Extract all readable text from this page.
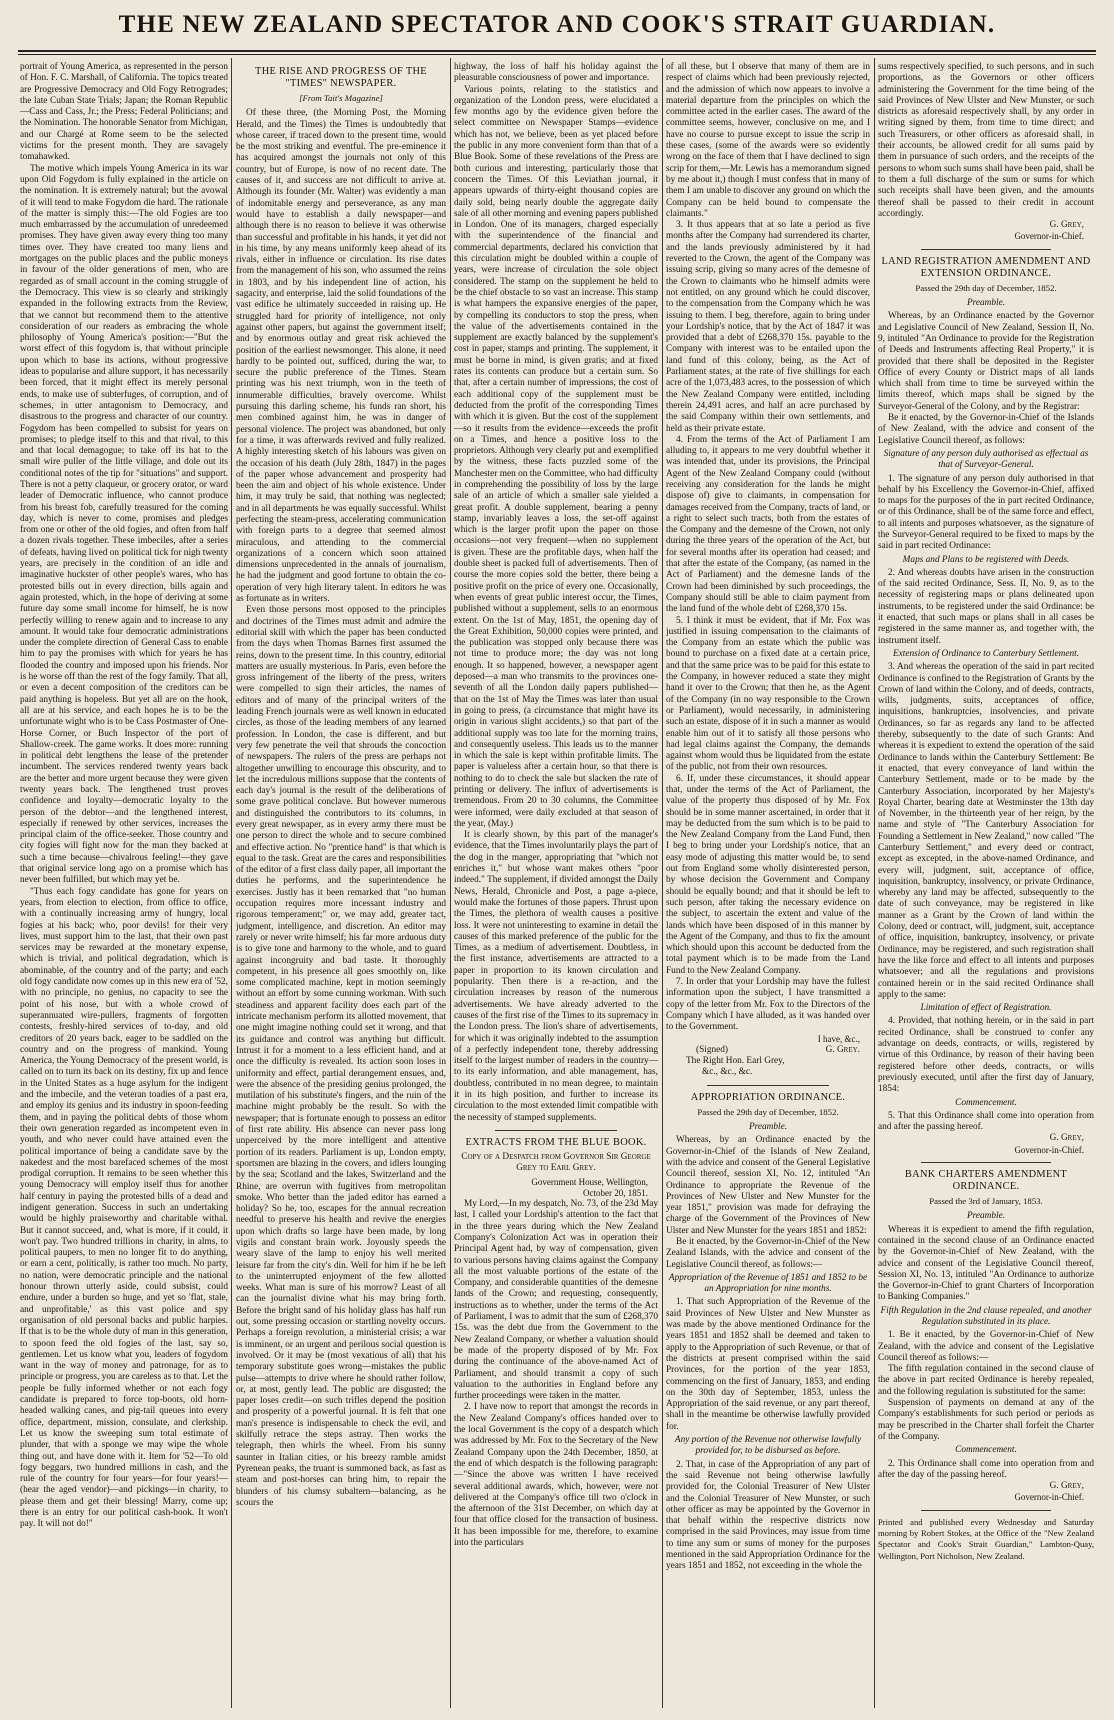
THE NEW ZEALAND SPECTATOR AND COOK'S STRAIT GUARDIAN.

portrait of Young America, as represented in the person of Hon. F. C. Marshall, of California. The topics treated are Progressive Democracy and Old Fogy Retrogrades; the late Cuban State Trials; Japan; the Roman Republic—Cass and Cass, Jr.; the Press; Federal Politicians; and the Nomination. The honorable Senator from Michigan, and our Chargé at Rome seem to be the selected victims for the present month. They are savagely tomahawked.

The motive which impels Young America in its war upon Old Fogydom is fully explained in the article on the nomination. It is extremely natural; but the avowal of it will tend to make Fogydom die hard. The rationale of the matter is simply this:—The old Fogies are too much embarrassed by the accumulation of unredeemed promises. They have given away every thing too many times over. They have created too many liens and mortgages on the public places and the public moneys in favour of the older generations of men, who are regarded as of small account in the coming struggle of the Democracy. This view is so clearly and strikingly expanded in the following extracts from the Review, that we cannot but recommend them to the attentive consideration of our readers as embracing the whole philosophy of Young America's position:—"But the worst effect of this fogydom is, that without principle upon which to base its actions, without progressive ideas to popularise and allure support, it has necessarily been forced, that it might effect its merely personal ends, to make use of subterfuges, of corruption, and of schemes, in utter antagonism to Democracy, and disastrous to the progress and character of our country. Fogydom has been compelled to subsist for years on promises; to pledge itself to this and that rival, to this and that local demagogue; to take off its hat to the small wire puller of the little village, and dole out its conditional notes of the tip for "situations" and support. There is not a petty claqueur, or grocery orator, or ward leader of Democratic influence, who cannot produce from his breast fob, carefully treasured for the coming day, which is never to come, promises and pledges from one or other of the old fogies, and often from half a dozen rivals together. These imbeciles, after a series of defeats, having lived on political tick for nigh twenty years, are precisely in the condition of an idle and imaginative huckster of other people's wares, who has protested bills out in every direction, bills again and again protested, which, in the hope of deriving at some future day some small income for himself, he is now perfectly willing to renew again and to increase to any amount. It would take four democratic administrations under the complete direction of General Cass to enable him to pay the promises with which for years he has flooded the country and imposed upon his friends. Nor is he worse off than the rest of the fogy family. That all, or even a decent composition of the creditors can be paid anything is hopeless. But yet all are on the hook, all are at his service, and each hopes he is to be the unfortunate wight who is to be Cass Postmaster of One-Horse Corner, or Buch Inspector of the port of Shallow-creek. The game works. It does more: running in political debt lengthens the lease of the pretender incumbent. The services rendered twenty years back are the better and more urgent because they were given twenty years back. The lengthened trust proves confidence and loyalty—democratic loyalty to the person of the debtor—and the lengthened interest, especially if renewed by other services, increases the principal claim of the office-seeker. Those country and city fogies will fight now for the man they backed at such a time because—chivalrous feeling!—they gave that original service long ago on a promise which has never been fulfilled, but which may yet be.

"Thus each fogy candidate has gone for years on years, from election to election, from office to office, with a continually increasing army of hungry, local fogies at his back; who, poor devils! for their very lives, must support him to the last, that their own past services may be rewarded at the monetary expense, which is trivial, and political degradation, which is abominable, of the country and of the party; and each old fogy candidate now comes up in this new era of '52, with no principle, no genius, no capacity to see the point of his nose, but with a whole crowd of superannuated wire-pullers, fragments of forgotten contests, freshly-hired services of to-day, and old creditors of 20 years back, eager to be saddled on the country and on the progress of mankind. Young America, the Young Democracy of the present world, is called on to turn its back on its destiny, fix up and fence in the United States as a huge asylum for the indigent and the imbecile, and the veteran toadies of a past era, and employ its genius and its industry in spoon-feeding them, and in paying the political debts of those whom their own generation regarded as incompetent even in youth, and who never could have attained even the political importance of being a candidate save by the nakedest and the most barefaced schemes of the most prodigal corruption. It remains to be seen whether this young Democracy will employ itself thus for another half century in paying the protested bills of a dead and indigent generation. Success in such an undertaking would be highly praiseworthy and charitable withal. But it cannot succeed, and, what is more, if it could, it won't pay. Two hundred trillions in charity, in alms, to political paupers, to men no longer fit to do anything, or earn a cent, politically, is rather too much. No party, no nation, were democratic principle and the national honour thrown utterly aside, could subsist, could endure, under a burden so huge, and yet so 'flat, stale, and unprofitable,' as this vast police and spy organisation of old personal backs and public harpies. If that is to be the whole duty of man in this generation, to spoon feed the old fogies of the last, say so, gentlemen. Let us know what you, leaders of fogydom want in the way of money and patronage, for as to principle or progress, you are careless as to that. Let the people be fully informed whether or not each fogy candidate is prepared to force top-boots, old horn-headed walking canes, and pig-tail queues into every office, department, mission, consulate, and clerkship. Let us know the sweeping sum total estimate of plunder, that with a sponge we may wipe the whole thing out, and have done with it. Item for '52—To old fogy beggars, two hundred millions in cash, and the rule of the country for four years—for four years!—(hear the aged vendor)—and pickings—in charity, to please them and get their blessing! Marry, come up; there is an entry for our political cash-book. It won't pay. It will not do!"

THE RISE AND PROGRESS OF THE "TIMES" NEWSPAPER.
[From Tait's Magazine]

Of these three, (the Morning Post, the Morning Herald, and the Times) the Times is undoubtedly that whose career, if traced down to the present time, would be the most striking and eventful. The pre-eminence it has acquired amongst the journals not only of this country, but of Europe, is now of no recent date. The causes of it, and success are not difficult to arrive at. Although its founder (Mr. Walter) was evidently a man of indomitable energy and perseverance, as any man would have to establish a daily newspaper—and although there is no reason to believe it was otherwise than successful and profitable in his hands, it yet did not in his time, by any means uniformly keep ahead of its rivals, either in influence or circulation. Its rise dates from the management of his son, who assumed the reins in 1803, and by his independent line of action, his sagacity, and enterprise, laid the solid foundations of the vast edifice he ultimately succeeded in raising up. He struggled hard for priority of intelligence, not only against other papers, but against the government itself; and by enormous outlay and great risk achieved the position of the earliest newsmonger. This alone, it need hardly to be pointed out, sufficed, during the war, to secure the public preference of the Times. Steam printing was his next triumph, won in the teeth of innumerable difficulties, bravely overcome. Whilst pursuing this darling scheme, his funds ran short, his men combined against him, he was in danger of personal violence. The project was abandoned, but only for a time, it was afterwards revived and fully realized. A highly interesting sketch of his labours was given on the occasion of his death (July 28th, 1847) in the pages of the paper whose advancement and prosperity had been the aim and object of his whole existence. Under him, it may truly be said, that nothing was neglected; and in all departments he was equally successful. Whilst perfecting the steam-press, accelerating communication with foreign parts to a degree that seemed almost miraculous, and attending to the commercial organizations of a concern which soon attained dimensions unprecedented in the annals of journalism, he had the judgment and good fortune to obtain the co-operation of very high literary talent. In editors he was as fortunate as in writers.

Even those persons most opposed to the principles and doctrines of the Times must admit and admire the editorial skill with which the paper has been conducted from the days when Thomas Barnes first assumed the reins, down to the present time. In this country, editorial matters are usually mysterious. In Paris, even before the gross infringement of the liberty of the press, writers were compelled to sign their articles, the names of editors and of many of the principal writers of the leading French journals were as well known in educated circles, as those of the leading members of any learned profession. In London, the case is different, and but very few penetrate the veil that shrouds the concoction of newspapers. The rulers of the press are perhaps not altogether unwilling to encourage this obscurity, and to let the incredulous millions suppose that the contents of each day's journal is the result of the deliberations of some grave political conclave. But however numerous and distinguished the contributors to its columns, in every great newspaper, as in every army there must be one person to direct the whole and to secure combined and effective action. No "prentice hand" is that which is equal to the task. Great are the cares and responsibilities of the editor of a first class daily paper, all important the duties he performs, and the superintendence he exercises. Justly has it been remarked that "no human occupation requires more incessant industry and rigorous temperament;" or, we may add, greater tact, judgment, intelligence, and discretion. An editor may rarely or never write himself; his far more arduous duty is to give tone and harmony to the whole, and to guard against incongruity and bad taste. It thoroughly competent, in his presence all goes smoothly on, like some complicated machine, kept in motion seemingly without an effort by some cunning workman. With such steadiness and apparent facility does each part of the intricate mechanism perform its allotted movement, that one might imagine nothing could set it wrong, and that its guidance and control was anything but difficult. Intrust it for a moment to a less efficient hand, and at once the difficulty is revealed. Its action soon loses in uniformity and effect, partial derangement ensues, and, were the absence of the presiding genius prolonged, the mutilation of his substitute's fingers, and the ruin of the machine might probably be the result. So with the newspaper; that is fortunate enough to possess an editor of first rate ability. His absence can never pass long unperceived by the more intelligent and attentive portion of its readers. Parliament is up, London empty, sportsmen are blazing in the covers, and idlers lounging by the sea; Scotland and the lakes, Switzerland and the Rhine, are overrun with fugitives from metropolitan smoke. Who better than the jaded editor has earned a holiday? So he, too, escapes for the annual recreation needful to preserve his health and revive the energies upon which drafts so large have been made, by long vigils and constant brain work. Joyously speeds the weary slave of the lamp to enjoy his well merited leisure far from the city's din. Well for him if he be left to the uninterrupted enjoyment of the few allotted weeks. What man is sure of his morrow? Least of all can the journalist divine what his may bring forth. Before the bright sand of his holiday glass has half run out, some pressing occasion or startling novelty occurs. Perhaps a foreign revolution, a ministerial crisis; a war is imminent, or an urgent and perilous social question is involved. Or it may be (most vexatious of all) that his temporary substitute goes wrong—mistakes the public pulse—attempts to drive where he should rather follow, or, at most, gently lead. The public are disgusted; the paper loses credit—on such trifles depend the position and prosperity of a powerful journal. It is felt that one man's presence is indispensable to check the evil, and skilfully retrace the steps astray. Then works the telegraph, then whirls the wheel. From his sunny saunter in Italian cities, or his breezy ramble amidst Pyrenean peaks, the truant is summoned back, as fast as steam and post-horses can bring him, to repair the blunders of his clumsy subaltern—balancing, as he scours the

highway, the loss of half his holiday against the pleasurable consciousness of power and importance.

Various points, relating to the statistics and organization of the London press, were elucidated a few months ago by the evidence given before the select committee on Newspaper Stamps—evidence which has not, we believe, been as yet placed before the public in any more convenient form than that of a Blue Book. Some of these revelations of the Press are both curious and interesting, particularly those that concern the Times. Of this Leviathan journal, it appears upwards of thirty-eight thousand copies are daily sold, being nearly double the aggregate daily sale of all other morning and evening papers published in London. One of its managers, charged especially with the superintendence of the financial and commercial departments, declared his conviction that this circulation might be doubled within a couple of years, were increase of circulation the sole object considered. The stamp on the supplement he held to be the chief obstacle to so vast an increase. This stamp is what hampers the expansive energies of the paper, by compelling its conductors to stop the press, when the value of the advertisements contained in the supplement are exactly balanced by the supplement's cost in paper, stamps and printing. The supplement, it must be borne in mind, is given gratis; and at fixed rates its contents can produce but a certain sum. So that, after a certain number of impressions, the cost of each additional copy of the supplement must be deducted from the profit of the corresponding Times with which it is given. But the cost of the supplement—so it results from the evidence—exceeds the profit on a Times, and hence a positive loss to the proprietors. Although very clearly put and exemplified by the witness, these facts puzzled some of the Manchester men on the Committee, who had difficulty in comprehending the possibility of loss by the large sale of an article of which a smaller sale yielded a great profit. A double supplement, bearing a penny stamp, invariably leaves a loss, the set-off against which is the larger profit upon the paper on those occasions—not very frequent—when no supplement is given. These are the profitable days, when half the double sheet is packed full of advertisements. Then of course the more copies sold the better, there being a positive profit on the price of every one. Occasionally, when events of great public interest occur, the Times, published without a supplement, sells to an enormous extent. On the 1st of May, 1851, the opening day of the Great Exhibition, 50,000 copies were printed, and the publication was stopped only because there was not time to produce more; the day was not long enough. It so happened, however, a newspaper agent deposed—a man who transmits to the provinces one-seventh of all the London daily papers published—that on the 1st of May the Times was later than usual in going to press, (a circumstance that might have its origin in various slight accidents,) so that part of the additional supply was too late for the morning trains, and consequently useless. This leads us to the manner in which the sale is kept within profitable limits. The paper is valueless after a certain hour, so that there is nothing to do to check the sale but slacken the rate of printing or delivery. The influx of advertisements is tremendous. From 20 to 30 columns, the Committee were informed, were daily excluded at that season of the year, (May.)

It is clearly shown, by this part of the manager's evidence, that the Times involuntarily plays the part of the dog in the manger, appropriating that "which not enriches it," but whose want makes others "poor indeed." The supplement, if divided amongst the Daily News, Herald, Chronicle and Post, a page a-piece, would make the fortunes of those papers. Thrust upon the Times, the plethora of wealth causes a positive loss. It were not uninteresting to examine in detail the causes of this marked preference of the public for the Times, as a medium of advertisement. Doubtless, in the first instance, advertisements are attracted to a paper in proportion to its known circulation and popularity. Then there is a re-action, and the circulation increases by reason of the numerous advertisements. We have already adverted to the causes of the first rise of the Times to its supremacy in the London press. The lion's share of advertisements, for which it was originally indebted to the assumption of a perfectly independent tone, thereby addressing itself to the largest number of readers in the country—to its early information, and able management, has, doubtless, contributed in no mean degree, to maintain it in its high position, and further to increase its circulation to the most extended limit compatible with the necessity of stamped supplements.

EXTRACTS FROM THE BLUE BOOK.
Copy of a Despatch from Governor Sir George Grey to Earl Grey.
Government House, Wellington,
October 20, 1851.

My Lord,—In my despatch, No. 73, of the 23d May last, I called your Lordship's attention to the fact that in the three years during which the New Zealand Company's Colonization Act was in operation their Principal Agent had, by way of compensation, given to various persons having claims against the Company all the most valuable portions of the estate of the Company, and considerable quantities of the demesne lands of the Crown; and requesting, consequently, instructions as to whether, under the terms of the Act of Parliament, I was to admit that the sum of £268,370 15s. was the debt due from the Government to the New Zealand Company, or whether a valuation should be made of the property disposed of by Mr. Fox during the continuance of the above-named Act of Parliament, and should transmit a copy of such valuation to the authorities in England before any further proceedings were taken in the matter.

2. I have now to report that amongst the records in the New Zealand Company's offices handed over to the local Government is the copy of a despatch which was addressed by Mr. Fox to the Secretary of the New Zealand Company upon the 24th December, 1850, at the end of which despatch is the following paragraph:—"Since the above was written I have received several additional awards, which, however, were not delivered at the Company's office till two o'clock in the afternoon of the 31st December, on which day at four that office closed for the transaction of business. It has been impossible for me, therefore, to examine into the particulars

of all these, but I observe that many of them are in respect of claims which had been previously rejected, and the admission of which now appears to involve a material departure from the principles on which the committee acted in the earlier cases. The award of the committee seems, however, conclusive on me, and I have no course to pursue except to issue the scrip in these cases, (some of the awards were so evidently wrong on the face of them that I have declined to sign scrip for them,—Mr. Lewis has a memorandum signed by me about it,) though I must confess that in many of them I am unable to discover any ground on which the Company can be held bound to compensate the claimants."

3. It thus appears that at so late a period as five months after the Company had surrendered its charter, and the lands previously administered by it had reverted to the Crown, the agent of the Company was issuing scrip, giving so many acres of the demesne of the Crown to claimants who he himself admits were not entitled, on any ground which he could discover, to the compensation from the Company which he was issuing to them. I beg, therefore, again to bring under your Lordship's notice, that by the Act of 1847 it was provided that a debt of £268,370 15s. payable to the Company with interest was to be entailed upon the land fund of this colony, being, as the Act of Parliament states, at the rate of five shillings for each acre of the 1,073,483 acres, to the possession of which the New Zealand Company were entitled, including therein 24,491 acres, and half an acre purchased by the said Company within their own settlements, and held as their private estate.

4. From the terms of the Act of Parliament I am alluding to, it appears to me very doubtful whether it was intended that, under its provisions, the Principal Agent of the New Zealand Company could (without receiving any consideration for the lands he might dispose of) give to claimants, in compensation for damages received from the Company, tracts of land, or a right to select such tracts, both from the estates of the Company and the demesne of the Crown, not only during the three years of the operation of the Act, but for several months after its operation had ceased; and that after the estate of the Company, (as named in the Act of Parliament) and the demesne lands of the Crown had been diminished by such proceedings, the Company should still be able to claim payment from the land fund of the whole debt of £268,370 15s.

5. I think it must be evident, that if Mr. Fox was justified in issuing compensation to the claimants of the Company from an estate which the public was bound to purchase on a fixed date at a certain price, and that the same price was to be paid for this estate to the Company, in however reduced a state they might hand it over to the Crown; that then he, as the Agent of the Company (in no way responsible to the Crown or Parliament), would necessarily, in administering such an estate, dispose of it in such a manner as would enable him out of it to satisfy all those persons who had legal claims against the Company, the demands against whom would thus be liquidated from the estate of the public, not from their own resources.

6. If, under these circumstances, it should appear that, under the terms of the Act of Parliament, the value of the property thus disposed of by Mr. Fox should be in some manner ascertained, in order that it may be deducted from the sum which is to be paid to the New Zealand Company from the Land Fund, then I beg to bring under your Lordship's notice, that an easy mode of adjusting this matter would be, to send out from England some wholly disinterested person, by whose decision the Government and Company should be equally bound; and that it should be left to such person, after taking the necessary evidence on the subject, to ascertain the extent and value of the lands which have been disposed of in this manner by the Agent of the Company, and thus to fix the amount which should upon this account be deducted from the total payment which is to be made from the Land Fund to the New Zealand Company.

7. In order that your Lordship may have the fullest information upon the subject, I have transmitted a copy of the letter from Mr. Fox to the Directors of the Company which I have alluded, as it was handed over to the Government.

I have, &c.,
(Signed)	G. Grey.
The Right Hon. Earl Grey,
&c., &c., &c.
APPROPRIATION ORDINANCE.
Passed the 29th day of December, 1852.
Preamble.

Whereas, by an Ordinance enacted by the Governor-in-Chief of the Islands of New Zealand, with the advice and consent of the General Legislative Council thereof, session XI, No. 12, intituled "An Ordinance to appropriate the Revenue of the Provinces of New Ulster and New Munster for the year 1851," provision was made for defraying the charge of the Government of the Provinces of New Ulster and New Munster for the years 1851 and 1852:

Be it enacted, by the Governor-in-Chief of the New Zealand Islands, with the advice and consent of the Legislative Council thereof, as follows:—

Appropriation of the Revenue of 1851 and 1852 to be an Appropriation for nine months.

1. That such Appropriation of the Revenue of the said Provinces of New Ulster and New Munster as was made by the above mentioned Ordinance for the years 1851 and 1852 shall be deemed and taken to apply to the Appropriation of such Revenue, or that of the districts at present comprised within the said Provinces, for the portion of the year 1853, commencing on the first of January, 1853, and ending on the 30th day of September, 1853, unless the Appropriation of the said revenue, or any part thereof, shall in the meantime be otherwise lawfully provided for.

Any portion of the Revenue not otherwise lawfully provided for, to be disbursed as before.

2. That, in case of the Appropriation of any part of the said Revenue not being otherwise lawfully provided for, the Colonial Treasurer of New Ulster and the Colonial Treasurer of New Munster, or such other officer as may be appointed by the Governor in that behalf within the respective districts now comprised in the said Provinces, may issue from time to time any sum or sums of money for the purposes mentioned in the said Appropriation Ordinance for the years 1851 and 1852, not exceeding in the whole the

sums respectively specified, to such persons, and in such proportions, as the Governors or other officers administering the Government for the time being of the said Provinces of New Ulster and New Munster, or such districts as aforesaid respectively shall, by any order in writing signed by them, from time to time direct; and such Treasurers, or other officers as aforesaid shall, in their accounts, be allowed credit for all sums paid by them in pursuance of such orders, and the receipts of the persons to whom such sums shall have been paid, shall be to them a full discharge of the sum or sums for which such receipts shall have been given, and the amounts thereof shall be passed to their credit in account accordingly.

G. Grey,
Governor-in-Chief.
LAND REGISTRATION AMENDMENT AND EXTENSION ORDINANCE.
Passed the 29th day of December, 1852.
Preamble.

Whereas, by an Ordinance enacted by the Governor and Legislative Council of New Zealand, Session II, No. 9, intituled "An Ordinance to provide for the Registration of Deeds and Instruments affecting Real Property," it is provided that there shall be deposited in the Register Office of every County or District maps of all lands which shall from time to time be surveyed within the limits thereof, which maps shall be signed by the Surveyor-General of the Colony, and by the Registrar:

Be it enacted, by the Governor-in-Chief of the Islands of New Zealand, with the advice and consent of the Legislative Council thereof, as follows:

Signature of any person duly authorised as effectual as that of Surveyor-General.

1. The signature of any person duly authorised in that behalf by his Excellency the Governor-in-Chief, affixed to maps for the purposes of the in part recited Ordinance, or of this Ordinance, shall be of the same force and effect, to all intents and purposes whatsoever, as the signature of the Surveyor-General required to be fixed to maps by the said in part recited Ordinance:

Maps and Plans to be registered with Deeds.

2. And whereas doubts have arisen in the construction of the said recited Ordinance, Sess. II, No. 9, as to the necessity of registering maps or plans delineated upon instruments, to be registered under the said Ordinance: be it enacted, that such maps or plans shall in all cases be registered in the same manner as, and together with, the instrument itself.

Extension of Ordinance to Canterbury Settlement.

3. And whereas the operation of the said in part recited Ordinance is confined to the Registration of Grants by the Crown of land within the Colony, and of deeds, contracts, wills, judgments, suits, acceptances of office, inquisitions, bankruptcies, insolvencies, and private Ordinances, so far as regards any land to be affected thereby, subsequently to the date of such Grants: And whereas it is expedient to extend the operation of the said Ordinance to lands within the Canterbury Settlement: Be it enacted, that every conveyance of land within the Canterbury Settlement, made or to be made by the Canterbury Association, incorporated by her Majesty's Royal Charter, bearing date at Westminster the 13th day of November, in the thirteenth year of her reign, by the name and style of "The Canterbury Association for Founding a Settlement in New Zealand," now called "The Canterbury Settlement," and every deed or contract, except as excepted, in the above-named Ordinance, and every will, judgment, suit, acceptance of office, inquisition, bankruptcy, insolvency, or private Ordinance, whereby any land may be affected, subsequently to the date of such conveyance, may be registered in like manner as a Grant by the Crown of land within the Colony, deed or contract, will, judgment, suit, acceptance of office, inquisition, bankruptcy, insolvency, or private Ordinance, may be registered, and such registration shall have the like force and effect to all intents and purposes whatsoever; and all the regulations and provisions contained herein or in the said recited Ordinance shall apply to the same:

Limitation of effect of Registration.

4. Provided, that nothing herein, or in the said in part recited Ordinance, shall be construed to confer any advantage on deeds, contracts, or wills, registered by virtue of this Ordinance, by reason of their having been registered before other deeds, contracts, or wills previously executed, until after the first day of January, 1854:

Commencement.

5. That this Ordinance shall come into operation from and after the passing hereof.

G. Grey,
Governor-in-Chief.
BANK CHARTERS AMENDMENT ORDINANCE.
Passed the 3rd of January, 1853.
Preamble.

Whereas it is expedient to amend the fifth regulation, contained in the second clause of an Ordinance enacted by the Governor-in-Chief of New Zealand, with the advice and consent of the Legislative Council thereof, Session XI, No. 13, intituled "An Ordinance to authorize the Governor-in-Chief to grant Charters of Incorporation to Banking Companies."

Fifth Regulation in the 2nd clause repealed, and another Regulation substituted in its place.

1. Be it enacted, by the Governor-in-Chief of New Zealand, with the advice and consent of the Legislative Council thereof as follows:—

The fifth regulation contained in the second clause of the above in part recited Ordinance is hereby repealed, and the following regulation is substituted for the same:

Suspension of payments on demand at any of the Company's establishments for such period or periods as may be prescribed in the Charter shall forfeit the Charter of the Company.

Commencement.

2. This Ordinance shall come into operation from and after the day of the passing hereof.

G. Grey,
Governor-in-Chief.

Printed and published every Wednesday and Saturday morning by Robert Stokes, at the Office of the "New Zealand Spectator and Cook's Strait Guardian," Lambton-Quay, Wellington, Port Nicholson, New Zealand.
